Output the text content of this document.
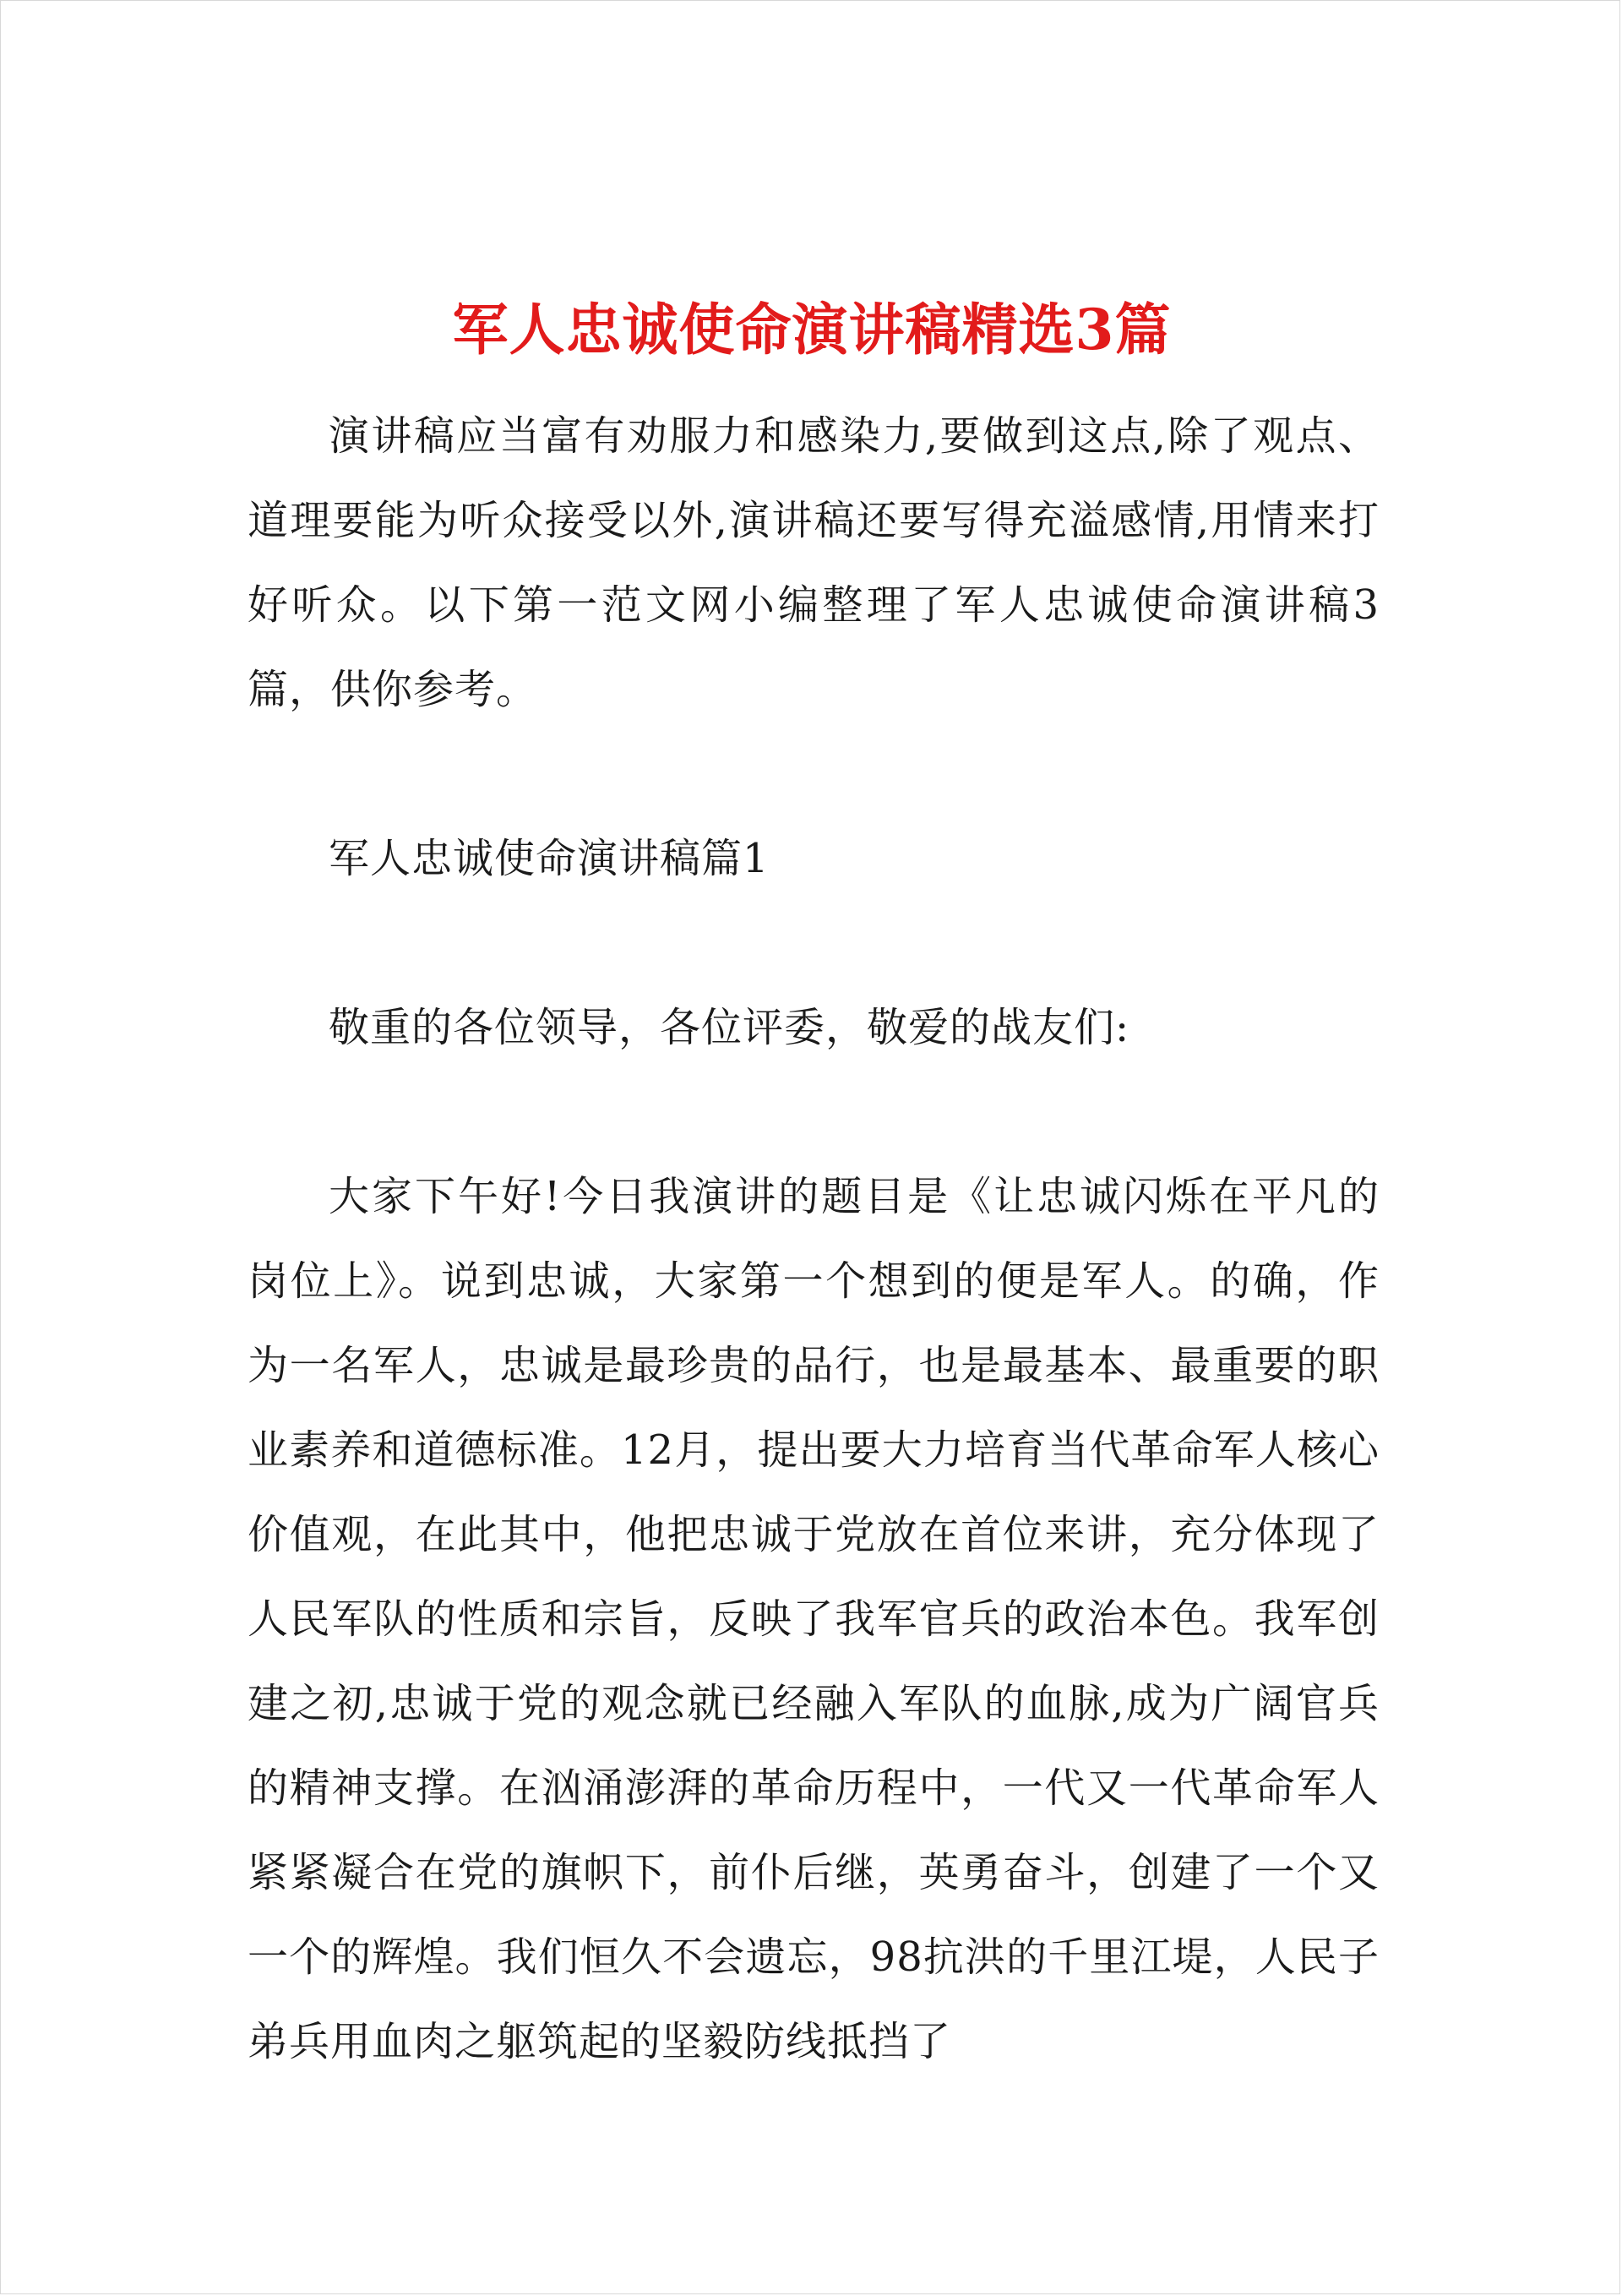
军人忠诚使命演讲稿精选3篇

演讲稿应当富有劝服力和感染力,要做到这点,除了观点、道理要能为听众接受以外,演讲稿还要写得充溢感情,用情来打好听众。以下第一范文网小编整理了军人忠诚使命演讲稿3篇，供你参考。

军人忠诚使命演讲稿篇1

敬重的各位领导，各位评委，敬爱的战友们:

大家下午好!今日我演讲的题目是《让忠诚闪烁在平凡的岗位上》。说到忠诚，大家第一个想到的便是军人。的确，作为一名军人，忠诚是最珍贵的品行，也是最基本、最重要的职业素养和道德标准。12月，提出要大力培育当代革命军人核心价值观，在此其中，他把忠诚于党放在首位来讲，充分体现了人民军队的性质和宗旨，反映了我军官兵的政治本色。我军创建之初,忠诚于党的观念就已经融入军队的血脉,成为广阔官兵的精神支撑。在汹涌澎湃的革命历程中，一代又一代革命军人紧紧凝合在党的旗帜下，前仆后继，英勇奋斗，创建了一个又一个的辉煌。我们恒久不会遗忘，98抗洪的千里江堤，人民子弟兵用血肉之躯筑起的坚毅防线抵挡了
